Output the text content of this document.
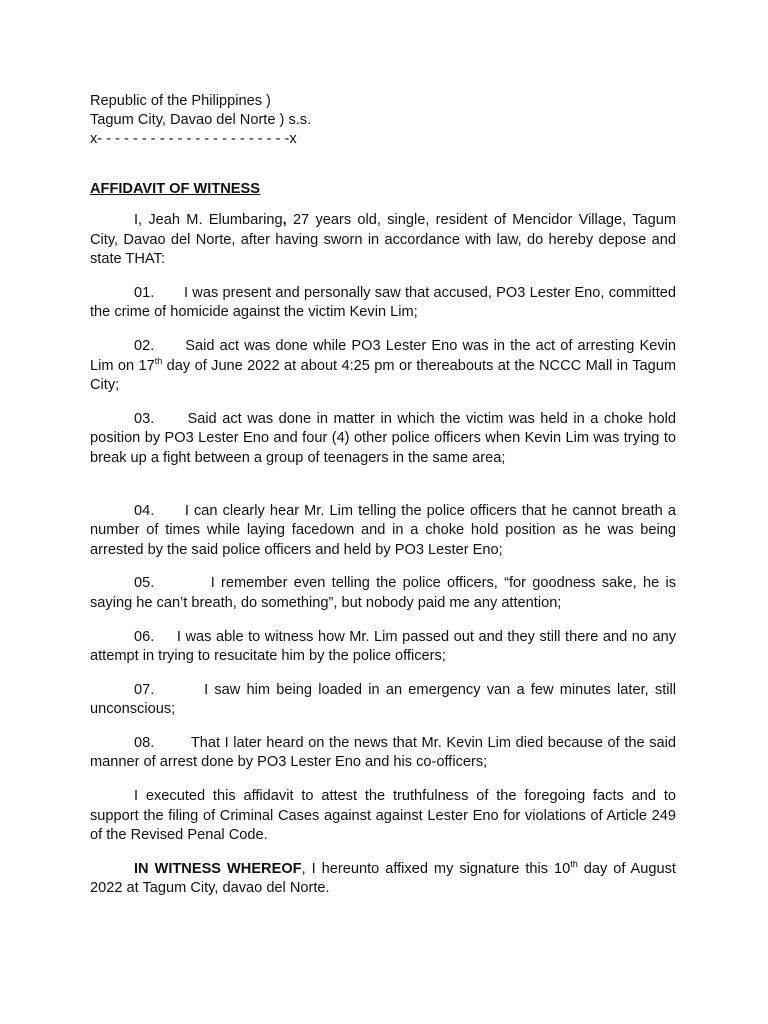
Republic of the Philippines )
Tagum City, Davao del Norte ) s.s.
x- - - - - - - - - - - - - - - - - - - - - -x
AFFIDAVIT OF WITNESS

I, Jeah M. Elumbaring, 27 years old, single, resident of Mencidor Village, Tagum City, Davao del Norte, after having sworn in accordance with law, do hereby depose and state THAT:

01. I was present and personally saw that accused, PO3 Lester Eno, committed the crime of homicide against the victim Kevin Lim;

02. Said act was done while PO3 Lester Eno was in the act of arresting Kevin Lim on 17th day of June 2022 at about 4:25 pm or thereabouts at the NCCC Mall in Tagum City;

03. Said act was done in matter in which the victim was held in a choke hold position by PO3 Lester Eno and four (4) other police officers when Kevin Lim was trying to break up a fight between a group of teenagers in the same area;

04. I can clearly hear Mr. Lim telling the police officers that he cannot breath a number of times while laying facedown and in a choke hold position as he was being arrested by the said police officers and held by PO3 Lester Eno;

05.	I remember even telling the police officers, “for goodness sake, he is saying he can’t breath, do something”, but nobody paid me any attention;

06. I was able to witness how Mr. Lim passed out and they still there and no any attempt in trying to resucitate him by the police officers;

07.	I saw him being loaded in an emergency van a few minutes later, still unconscious;

08.	That I later heard on the news that Mr. Kevin Lim died because of the said manner of arrest done by PO3 Lester Eno and his co-officers;

I executed this affidavit to attest the truthfulness of the foregoing facts and to support the filing of Criminal Cases against against Lester Eno for violations of Article 249 of the Revised Penal Code.

IN WITNESS WHEREOF, I hereunto affixed my signature this 10th day of August 2022 at Tagum City, davao del Norte.
